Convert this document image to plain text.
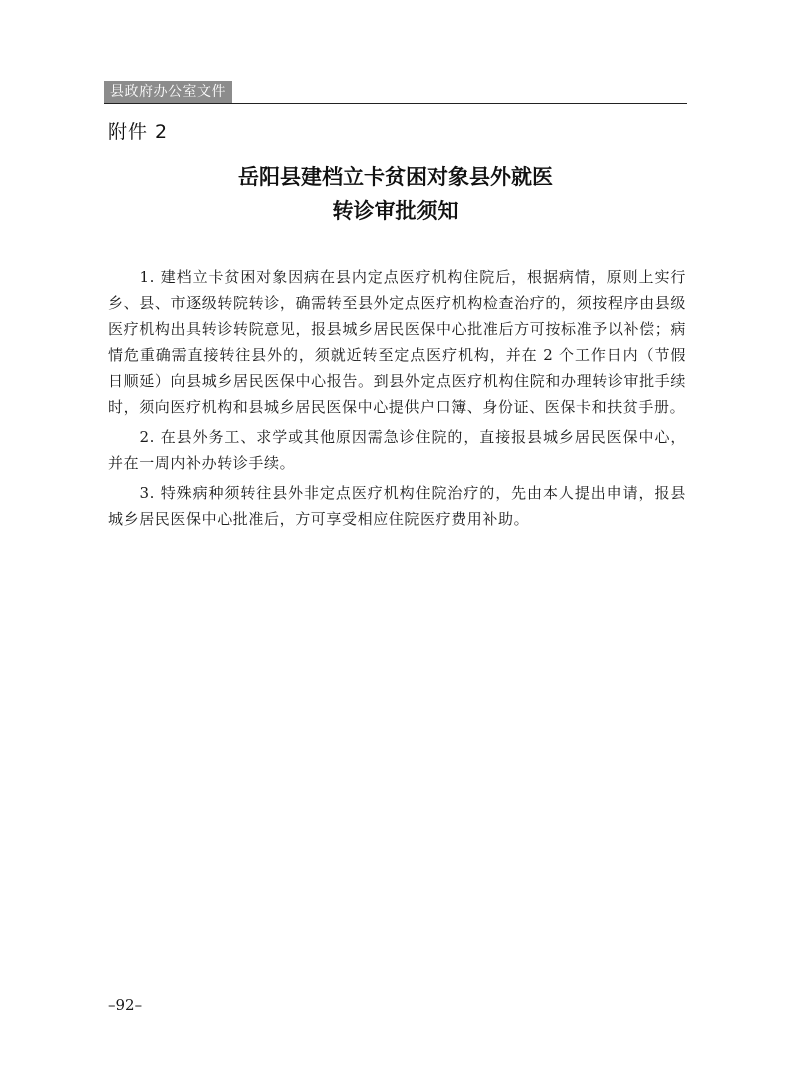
县政府办公室文件
附件 2
岳阳县建档立卡贫困对象县外就医
转诊审批须知

1. 建档立卡贫困对象因病在县内定点医疗机构住院后，根据病情，原则上实行乡、县、市逐级转院转诊，确需转至县外定点医疗机构检查治疗的，须按程序由县级医疗机构出具转诊转院意见，报县城乡居民医保中心批准后方可按标准予以补偿；病情危重确需直接转往县外的，须就近转至定点医疗机构，并在 2 个工作日内（节假日顺延）向县城乡居民医保中心报告。到县外定点医疗机构住院和办理转诊审批手续时，须向医疗机构和县城乡居民医保中心提供户口簿、身份证、医保卡和扶贫手册。

2. 在县外务工、求学或其他原因需急诊住院的，直接报县城乡居民医保中心，并在一周内补办转诊手续。

3. 特殊病种须转往县外非定点医疗机构住院治疗的，先由本人提出申请，报县城乡居民医保中心批准后，方可享受相应住院医疗费用补助。

–92–
